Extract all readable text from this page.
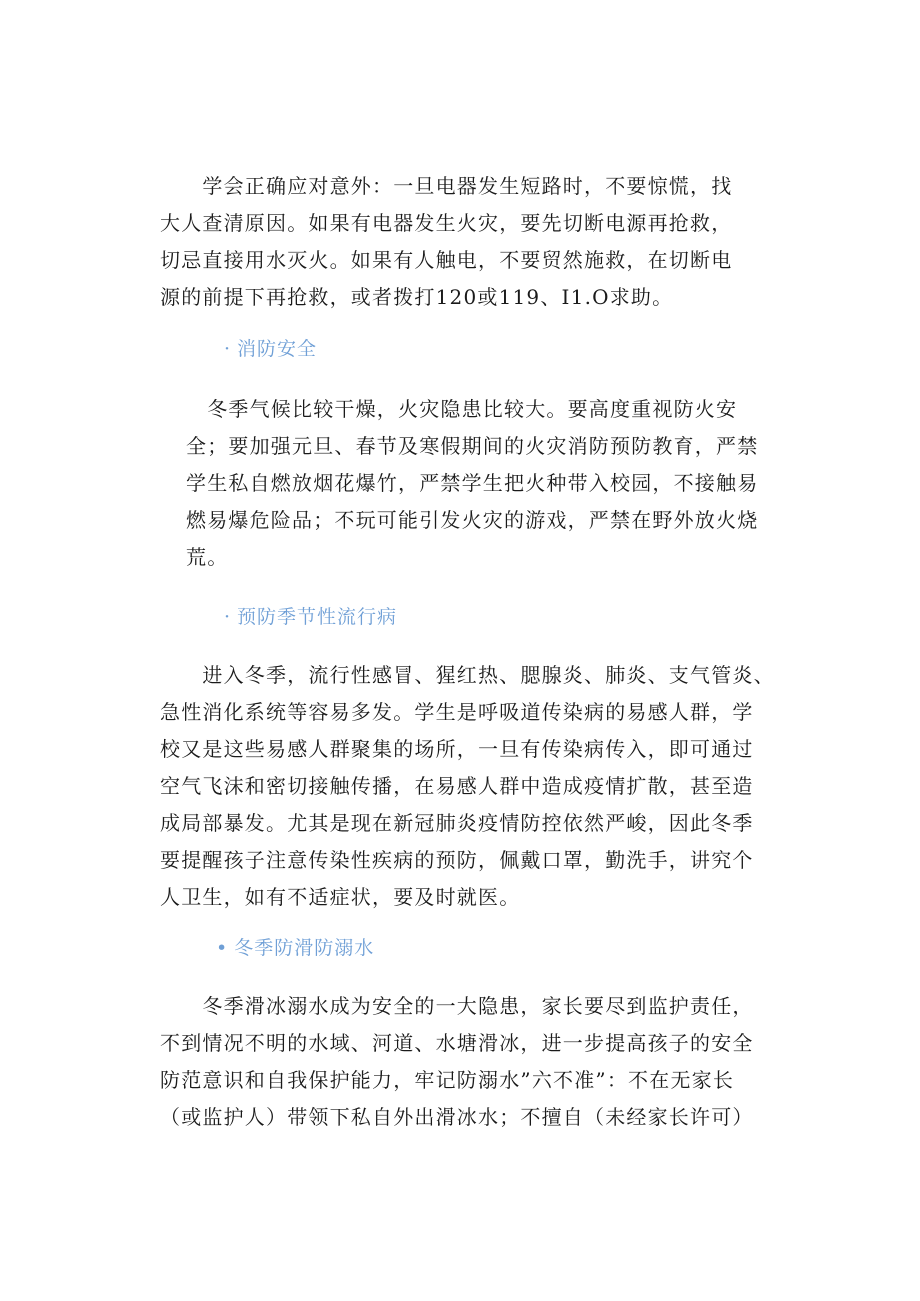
　　学会正确应对意外：一旦电器发生短路时，不要惊慌，找
大人查清原因。如果有电器发生火灾，要先切断电源再抢救，
切忌直接用水灭火。如果有人触电，不要贸然施救，在切断电
源的前提下再抢救，或者拨打120或119、I1.O求助。
· 消防安全
　冬季气候比较干燥，火灾隐患比较大。要高度重视防火安
全；要加强元旦、春节及寒假期间的火灾消防预防教育，严禁
学生私自燃放烟花爆竹，严禁学生把火种带入校园，不接触易
燃易爆危险品；不玩可能引发火灾的游戏，严禁在野外放火烧
荒。
· 预防季节性流行病
　　进入冬季，流行性感冒、猩红热、腮腺炎、肺炎、支气管炎、
急性消化系统等容易多发。学生是呼吸道传染病的易感人群，学
校又是这些易感人群聚集的场所，一旦有传染病传入，即可通过
空气飞沫和密切接触传播，在易感人群中造成疫情扩散，甚至造
成局部暴发。尤其是现在新冠肺炎疫情防控依然严峻，因此冬季
要提醒孩子注意传染性疾病的预防，佩戴口罩，勤洗手，讲究个
人卫生，如有不适症状，要及时就医。
• 冬季防滑防溺水
　　冬季滑冰溺水成为安全的一大隐患，家长要尽到监护责任，
不到情况不明的水域、河道、水塘滑冰，进一步提高孩子的安全
防范意识和自我保护能力，牢记防溺水”六不准”：不在无家长
（或监护人）带领下私自外出滑冰水；不擅自（未经家长许可）
